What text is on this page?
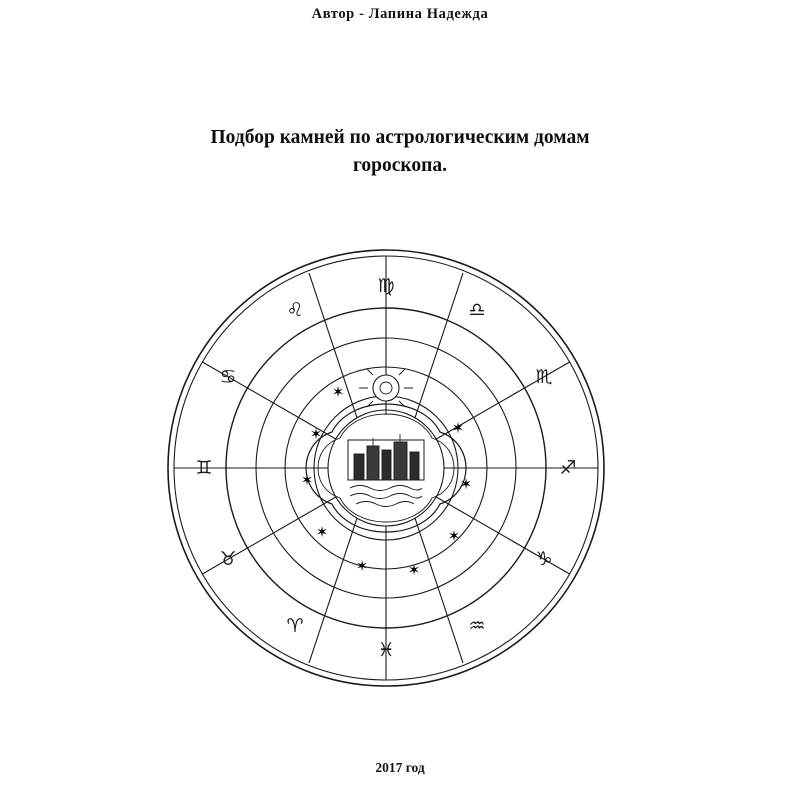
Автор - Лапина Надежда
Подбор камней по астрологическим домам
гороскопа.
✶
✶
✶
✶
✶	✶
✶
✶
✶
♍
♎
♏
♐
♑
♒
♓
♈
♉
♊
♋
♌
2017 год
